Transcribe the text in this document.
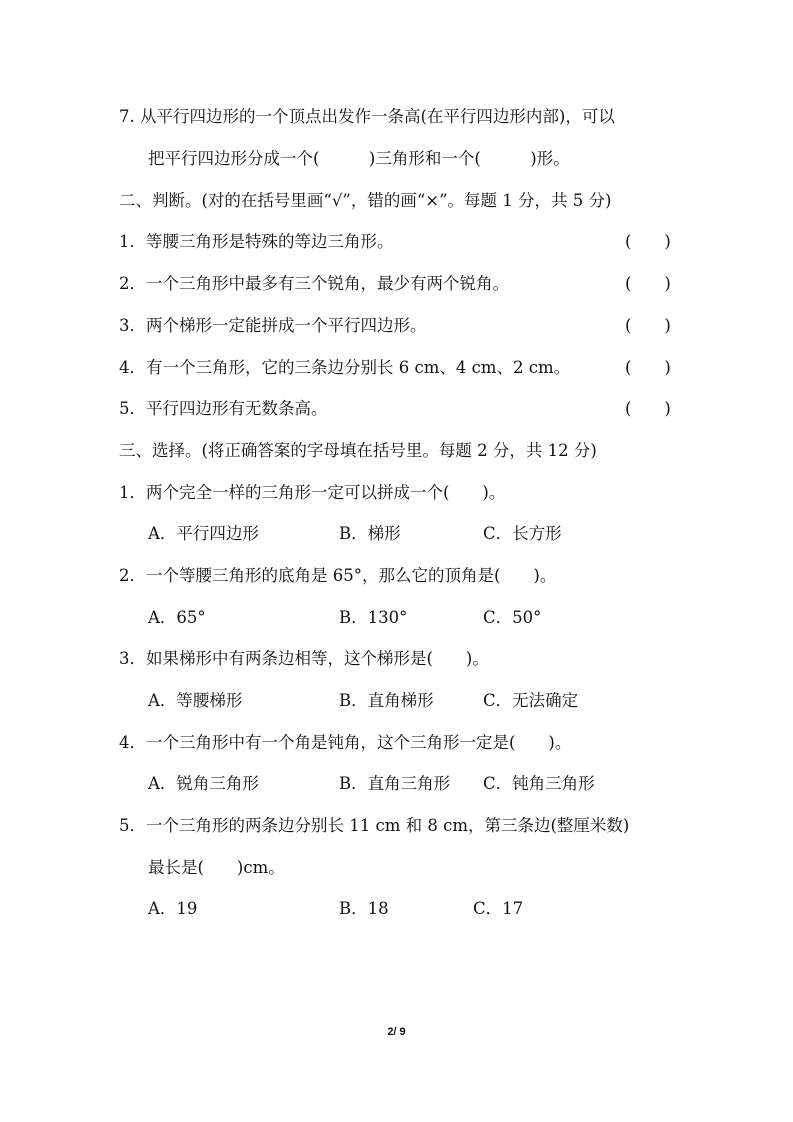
7. 从平行四边形的一个顶点出发作一条高(在平行四边形内部)，可以
把平行四边形分成一个(　　　)三角形和一个(　　　)形。
二、判断。(对的在括号里画“√”，错的画“×”。每题 1 分，共 5 分)
1．等腰三角形是特殊的等边三角形。	(　　)
2．一个三角形中最多有三个锐角，最少有两个锐角。	(　　)
3．两个梯形一定能拼成一个平行四边形。	(　　)
4．有一个三角形，它的三条边分别长 6 cm、4 cm、2 cm。	(　　)
5．平行四边形有无数条高。	(　　)
三、选择。(将正确答案的字母填在括号里。每题 2 分，共 12 分)
1．两个完全一样的三角形一定可以拼成一个(　　)。
A．平行四边形	B．梯形	C．长方形
2．一个等腰三角形的底角是 65°，那么它的顶角是(　　)。
A．65°	B．130°	C．50°
3．如果梯形中有两条边相等，这个梯形是(　　)。
A．等腰梯形	B．直角梯形	C．无法确定
4．一个三角形中有一个角是钝角，这个三角形一定是(　　)。
A．锐角三角形	B．直角三角形 C．钝角三角形
5．一个三角形的两条边分别长 11 cm 和 8 cm，第三条边(整厘米数)
最长是(　　)cm。
A．19	B．18	C．17
2/ 9
